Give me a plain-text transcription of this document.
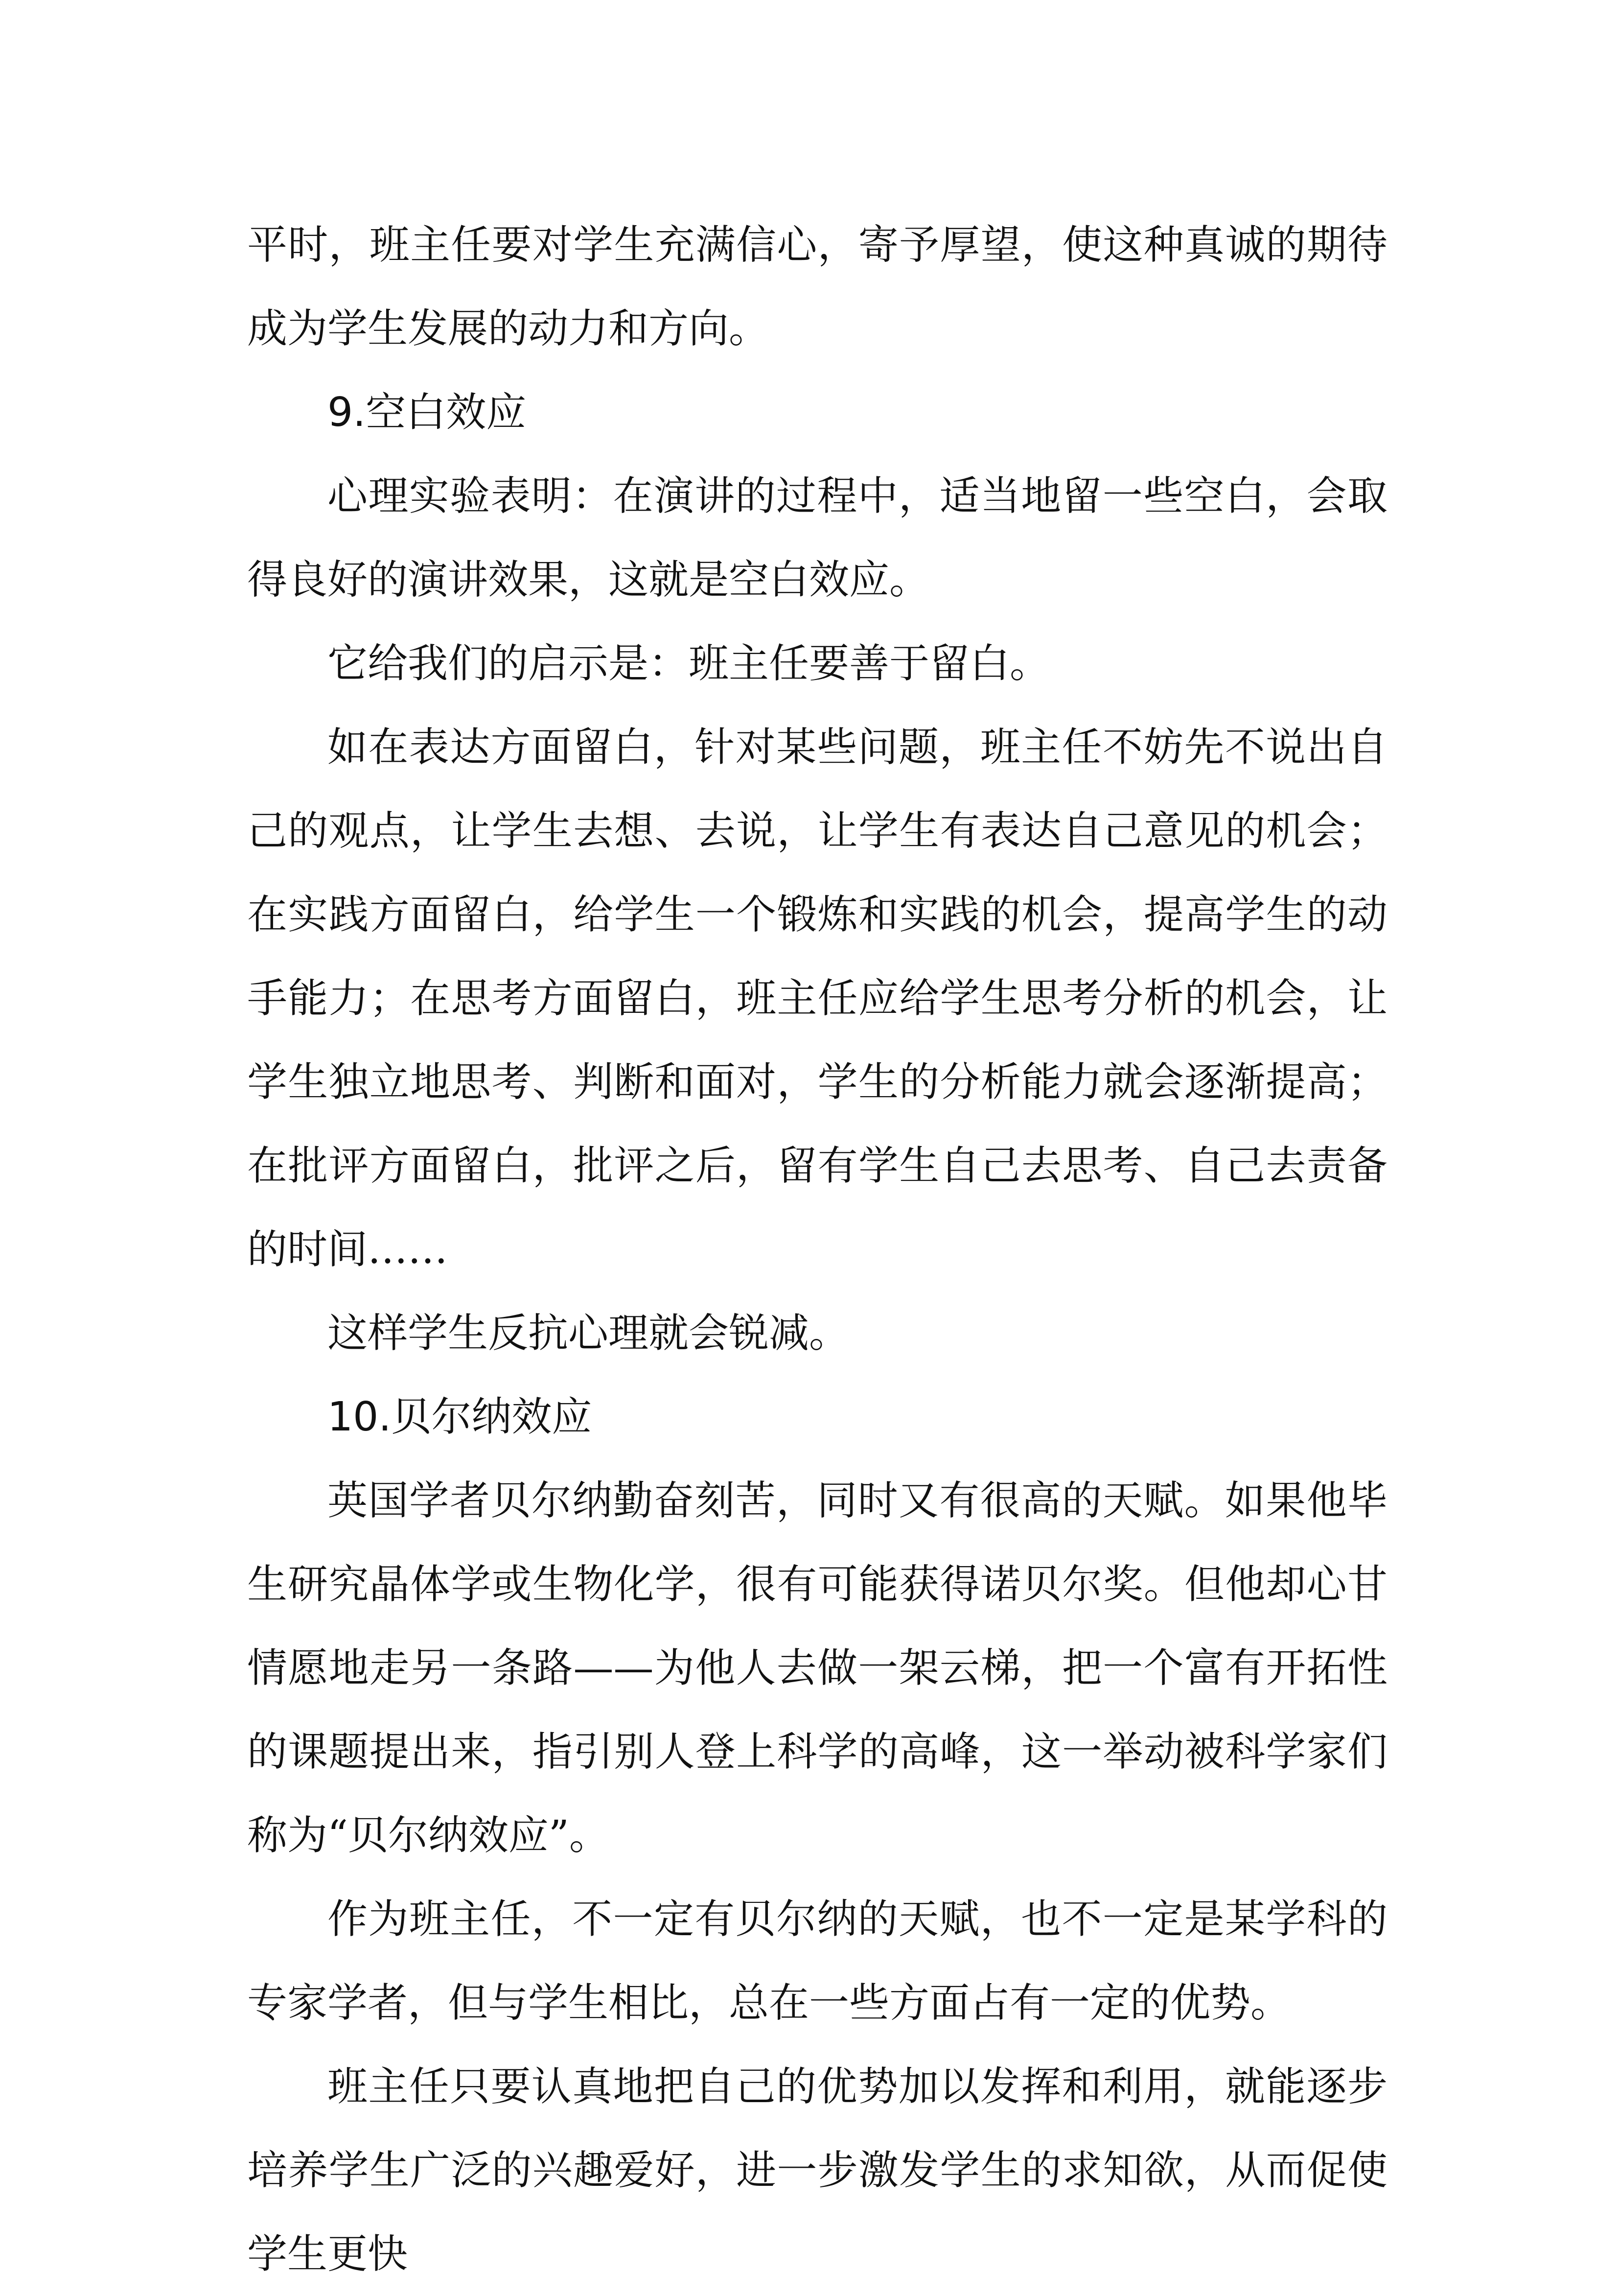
平时，班主任要对学生充满信心，寄予厚望，使这种真诚的期待成为学生发展的动力和方向。

9.空白效应

心理实验表明：在演讲的过程中，适当地留一些空白，会取得良好的演讲效果，这就是空白效应。

它给我们的启示是：班主任要善于留白。

如在表达方面留白，针对某些问题，班主任不妨先不说出自己的观点，让学生去想、去说，让学生有表达自己意见的机会；在实践方面留白，给学生一个锻炼和实践的机会，提高学生的动手能力；在思考方面留白，班主任应给学生思考分析的机会，让学生独立地思考、判断和面对，学生的分析能力就会逐渐提高；在批评方面留白，批评之后，留有学生自己去思考、自己去责备的时间……

这样学生反抗心理就会锐减。

10.贝尔纳效应

英国学者贝尔纳勤奋刻苦，同时又有很高的天赋。如果他毕生研究晶体学或生物化学，很有可能获得诺贝尔奖。但他却心甘情愿地走另一条路——为他人去做一架云梯，把一个富有开拓性的课题提出来，指引别人登上科学的高峰，这一举动被科学家们称为“贝尔纳效应”。

作为班主任，不一定有贝尔纳的天赋，也不一定是某学科的专家学者，但与学生相比，总在一些方面占有一定的优势。

班主任只要认真地把自己的优势加以发挥和利用，就能逐步培养学生广泛的兴趣爱好，进一步激发学生的求知欲，从而促使学生更快
